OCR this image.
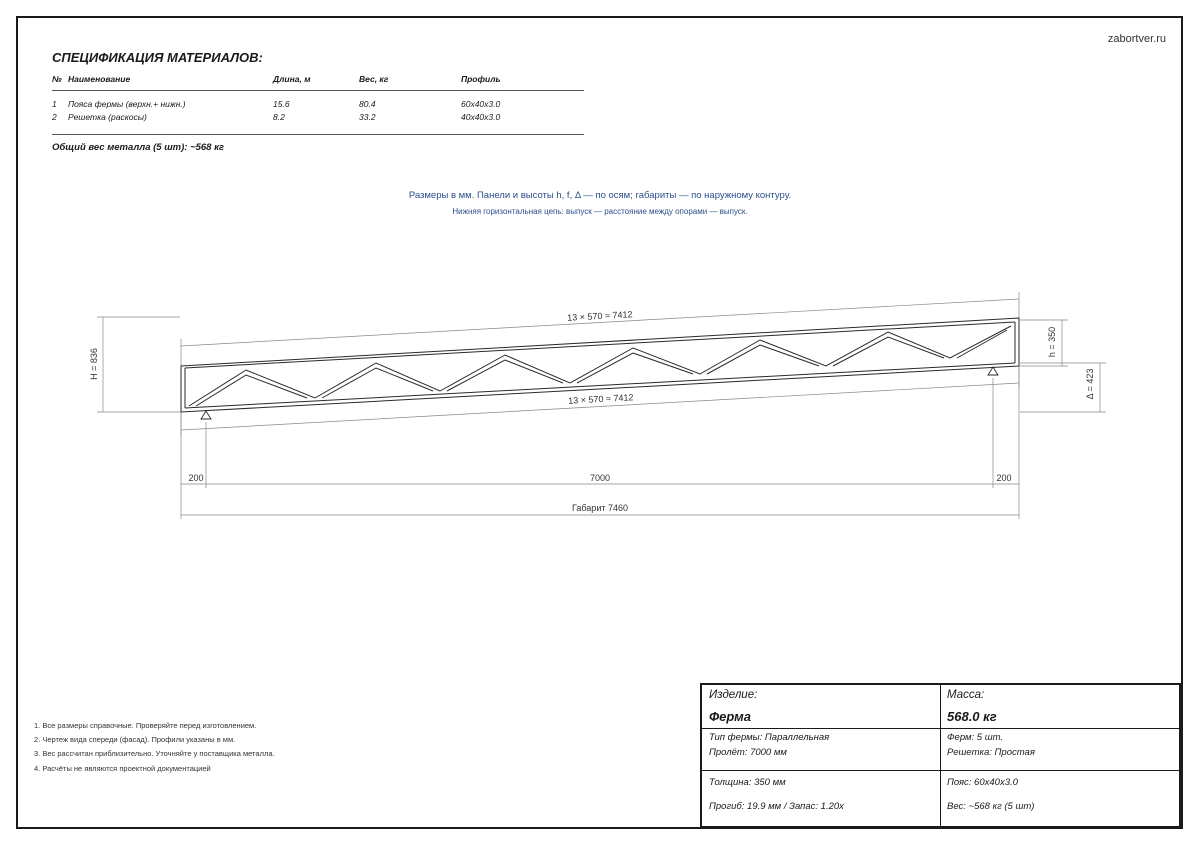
zabortver.ru
СПЕЦИФИКАЦИЯ МАТЕРИАЛОВ:
№	Наименование	Длина, м	Вес, кг	Профиль
1	Пояса фермы (верхн.+ нижн.)	15.6	80.4	60x40x3.0
2	Решетка (раскосы)	8.2	33.2	40x40x3.0
Общий вес металла (5 шт): ~568 кг
Размеры в мм. Панели и высоты h, f, Δ — по осям; габариты — по наружному контуру.
Нижняя горизонтальная цепь: выпуск — расстояние между опорами — выпуск.
13 × 570 ≈ 7412
13 × 570 ≈ 7412
H = 836
h = 350
Δ = 423
200	7000	200
Габарит 7460
1. Все размеры справочные. Проверяйте перед изготовлением.
2. Чертеж вида спереди (фасад). Профили указаны в мм.
3. Вес рассчитан приблизительно. Уточняйте у поставщика металла.
4. Расчёты не являются проектной документацией
Изделие:
Ферма
Масса:
568.0 кг
Тип фермы: Параллельная
Пролёт: 7000 мм
Ферм: 5 шт.
Решетка: Простая
Толщина: 350 мм
Прогиб: 19.9 мм / Запас: 1.20x
Пояс: 60x40x3.0
Вес: ~568 кг (5 шт)
